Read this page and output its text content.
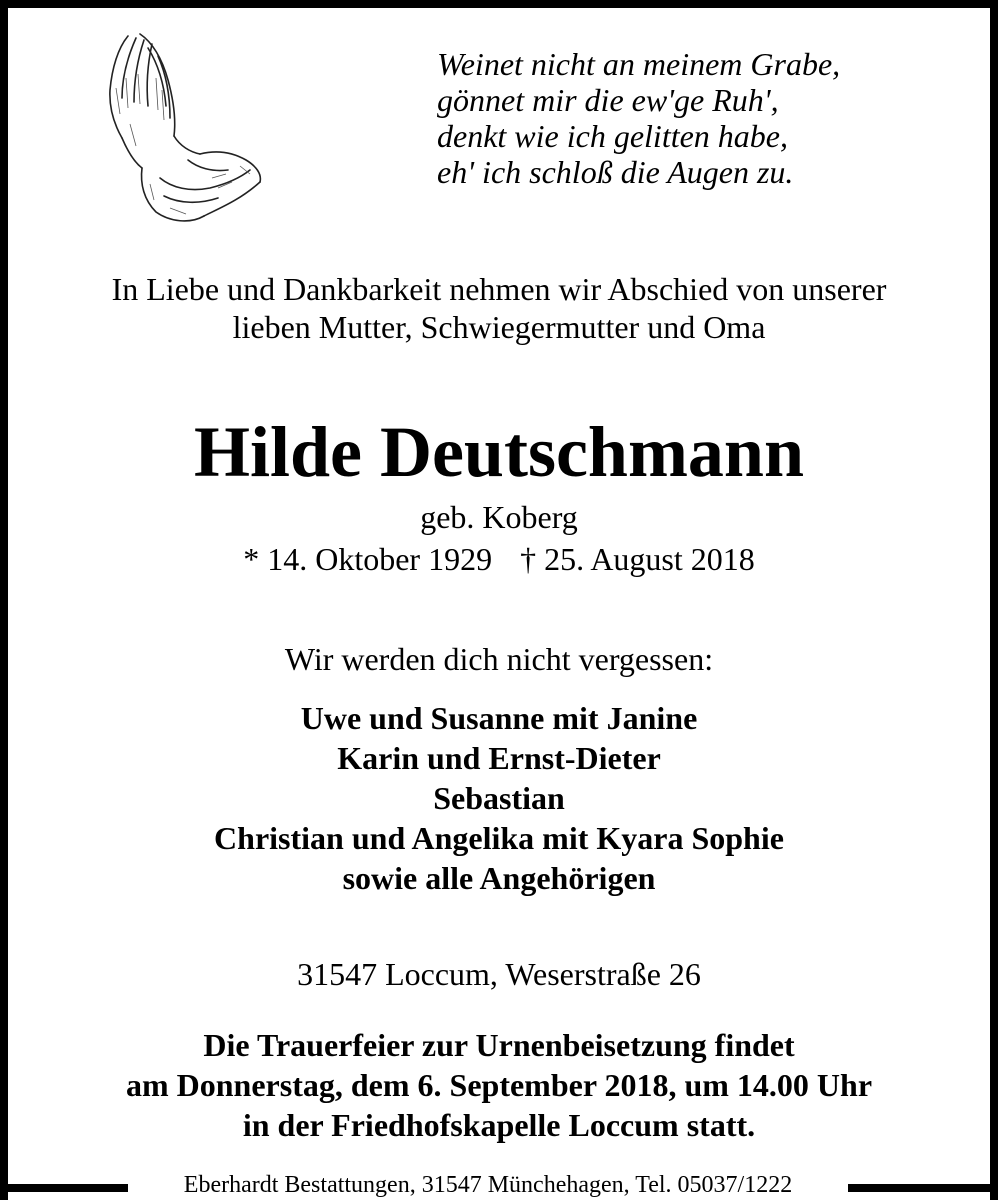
Weinet nicht an meinem Grabe,
gönnet mir die ew'ge Ruh',
denkt wie ich gelitten habe,
eh' ich schloß die Augen zu.
In Liebe und Dankbarkeit nehmen wir Abschied von unserer
lieben Mutter, Schwiegermutter und Oma
Hilde Deutschmann
geb. Koberg
* 14. Oktober 1929 † 25. August 2018
Wir werden dich nicht vergessen:
Uwe und Susanne mit Janine
Karin und Ernst-Dieter
Sebastian
Christian und Angelika mit Kyara Sophie
sowie alle Angehörigen
31547 Loccum, Weserstraße 26
Die Trauerfeier zur Urnenbeisetzung findet
am Donnerstag, dem 6. September 2018, um 14.00 Uhr
in der Friedhofskapelle Loccum statt.
Eberhardt Bestattungen, 31547 Münchehagen, Tel. 05037/1222
